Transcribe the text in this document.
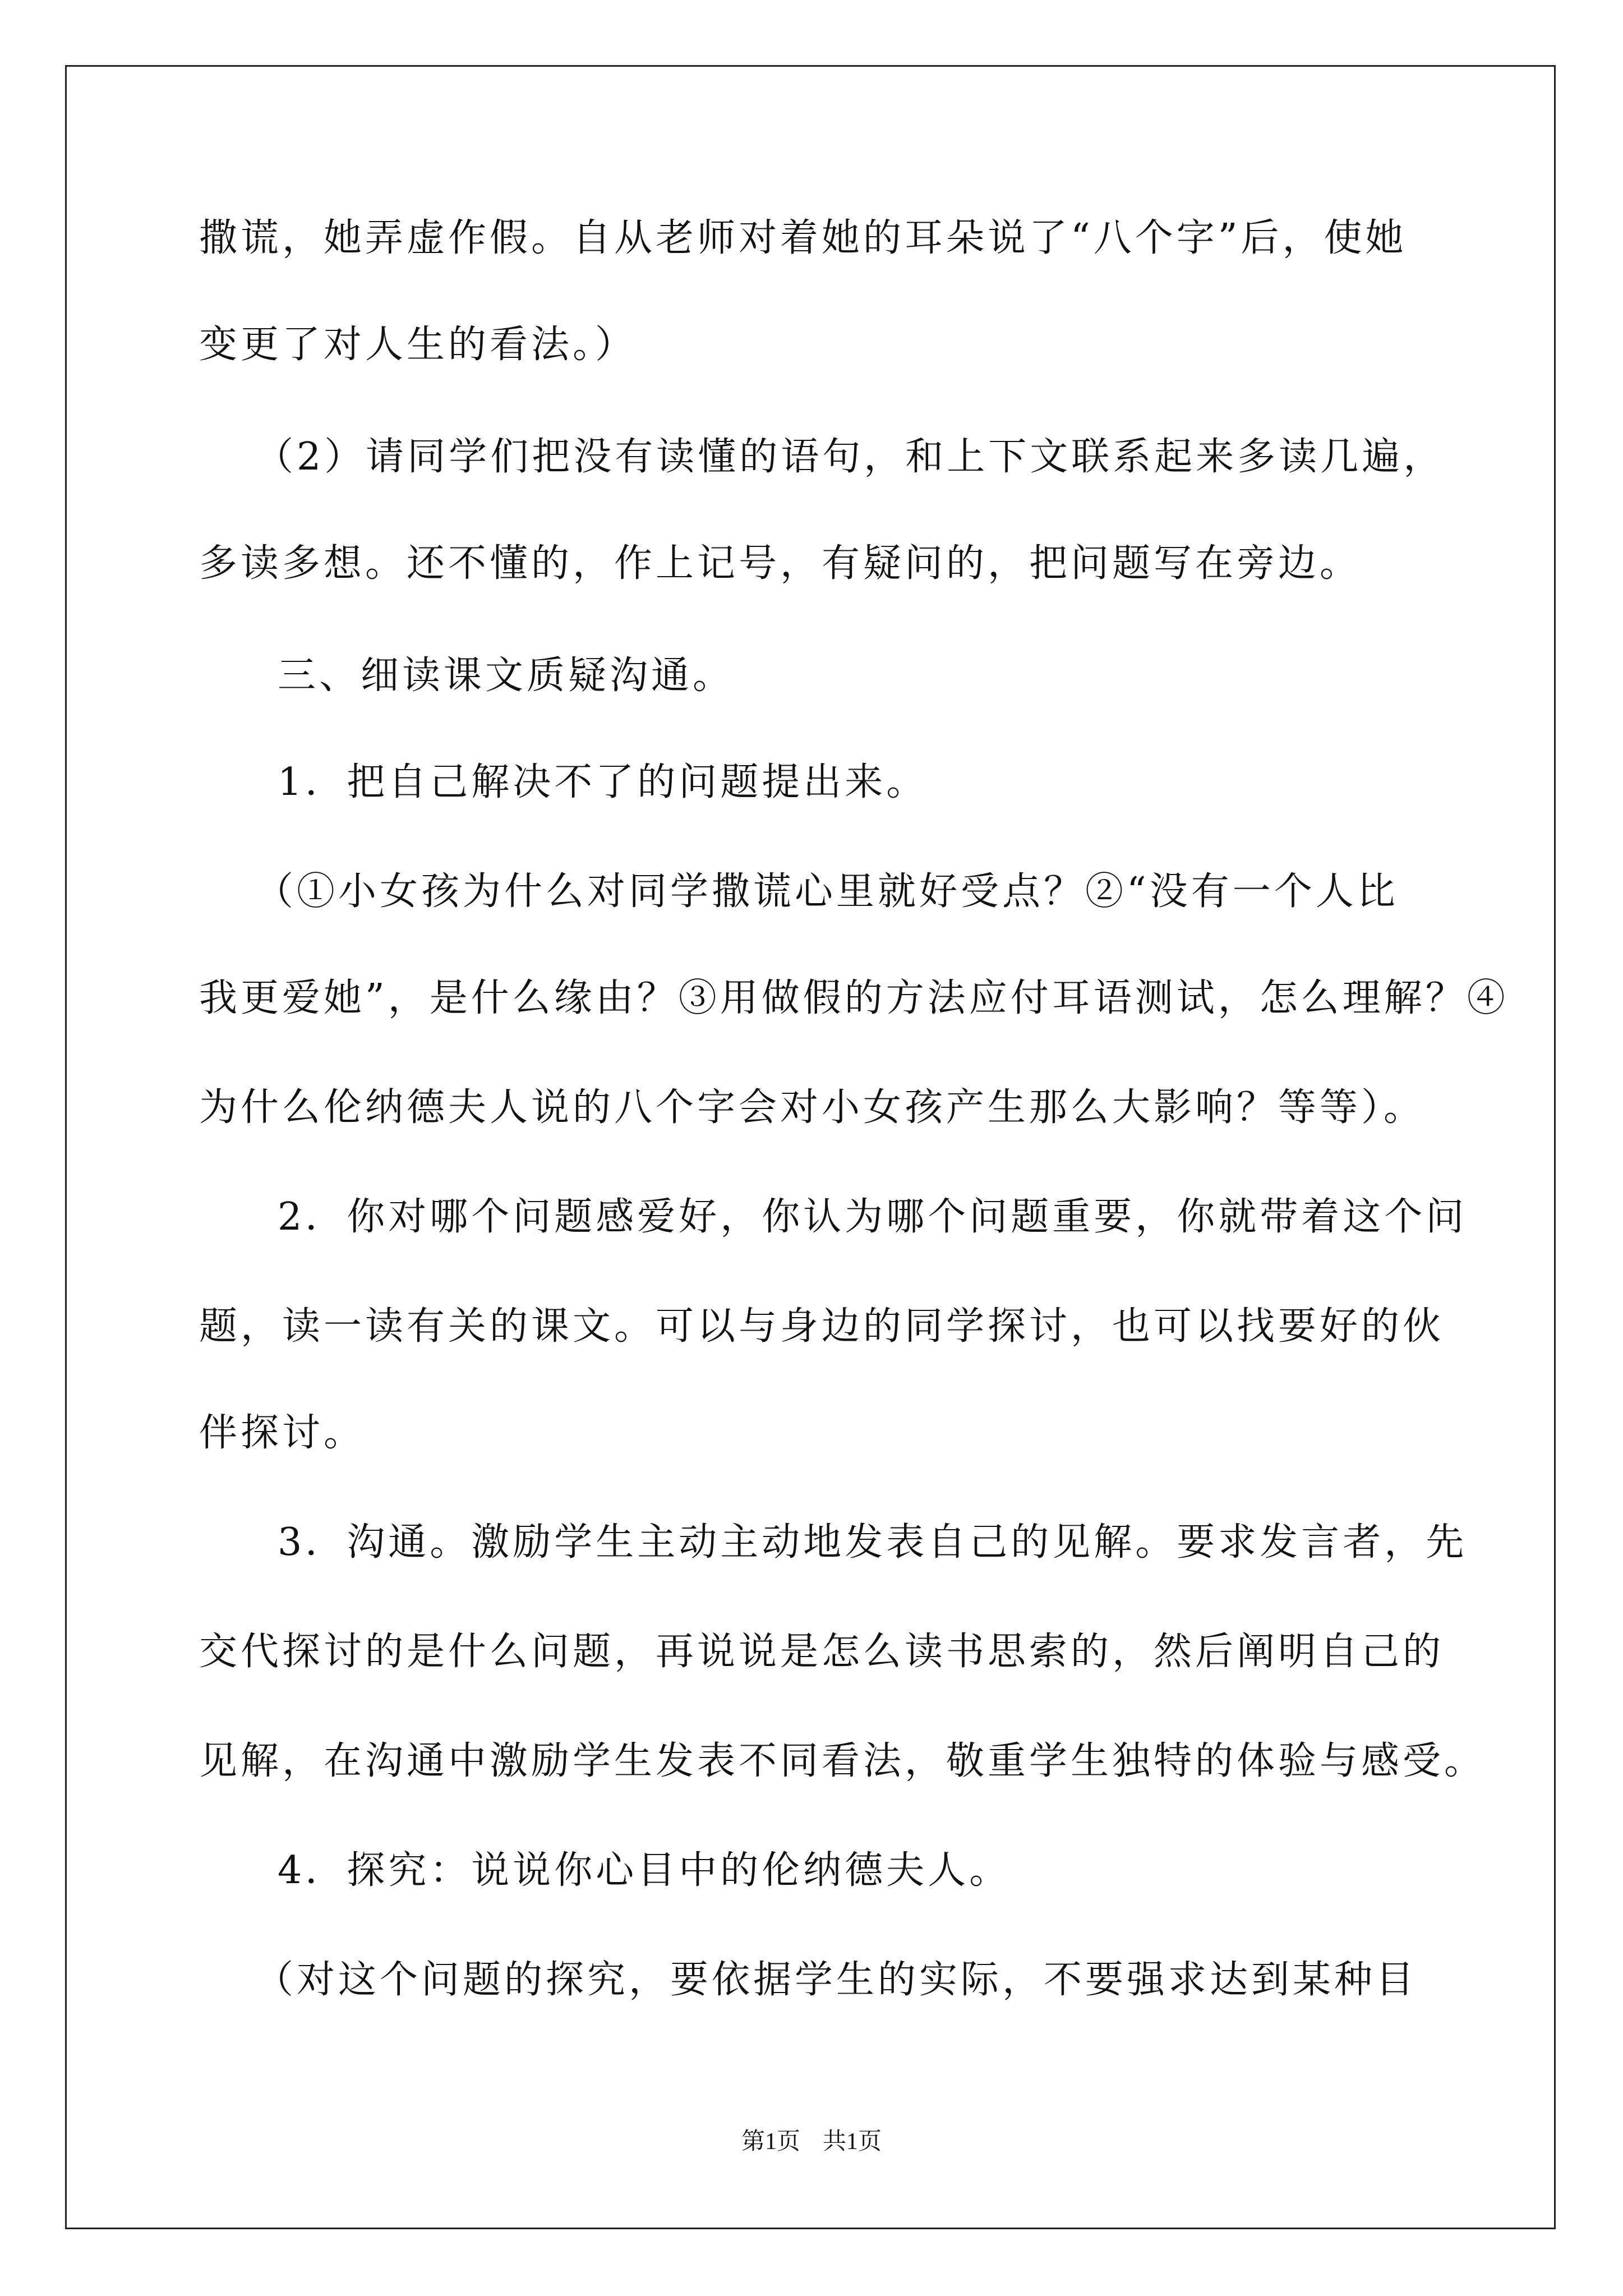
撒谎，她弄虚作假。自从老师对着她的耳朵说了“八个字”后，使她
变更了对人生的看法。）
（2）请同学们把没有读懂的语句，和上下文联系起来多读几遍，
多读多想。还不懂的，作上记号，有疑问的，把问题写在旁边。
三、细读课文质疑沟通。
1．把自己解决不了的问题提出来。
（①小女孩为什么对同学撒谎心里就好受点？②“没有一个人比
我更爱她”，是什么缘由？③用做假的方法应付耳语测试，怎么理解？④
为什么伦纳德夫人说的八个字会对小女孩产生那么大影响？等等）。
2．你对哪个问题感爱好，你认为哪个问题重要，你就带着这个问
题，读一读有关的课文。可以与身边的同学探讨，也可以找要好的伙
伴探讨。
3．沟通。激励学生主动主动地发表自己的见解。要求发言者，先
交代探讨的是什么问题，再说说是怎么读书思索的，然后阐明自己的
见解，在沟通中激励学生发表不同看法，敬重学生独特的体验与感受。
4．探究：说说你心目中的伦纳德夫人。
（对这个问题的探究，要依据学生的实际，不要强求达到某种目
第1页 共1页
